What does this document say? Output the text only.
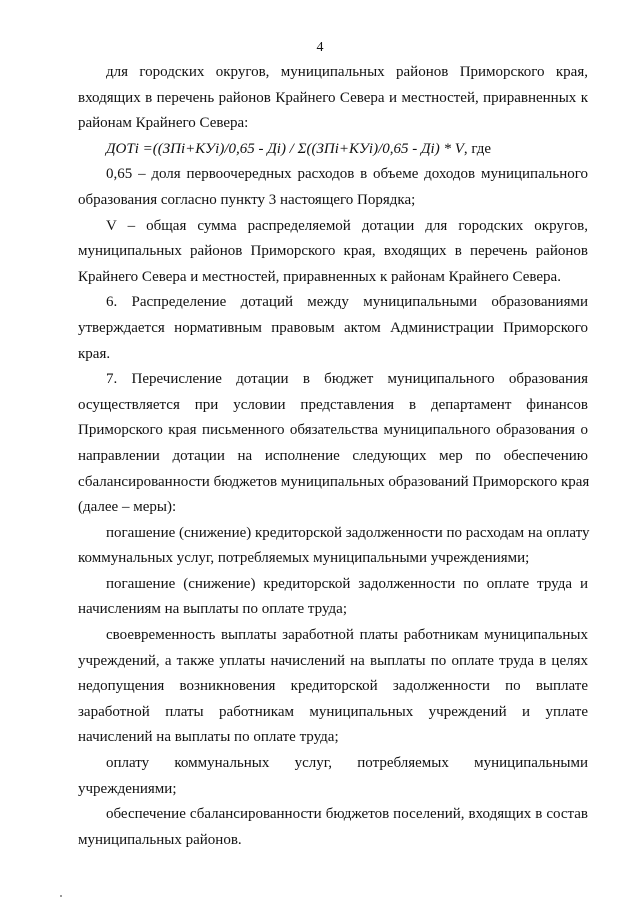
4

для городских округов, муниципальных районов Приморского края,
входящих в перечень районов Крайнего Севера и местностей, приравненных к
районам Крайнего Севера:

ДОТi =((ЗПi+КУi)/0,65 - Дi) / Σ((ЗПi+КУi)/0,65 - Дi) * V, где

0,65 – доля первоочередных расходов в объеме доходов муниципального
образования согласно пункту 3 настоящего Порядка;

V – общая сумма распределяемой дотации для городских округов,
муниципальных районов Приморского края, входящих в перечень районов
Крайнего Севера и местностей, приравненных к районам Крайнего Севера.

6. Распределение дотаций между муниципальными образованиями
утверждается нормативным правовым актом Администрации Приморского
края.

7. Перечисление дотации в бюджет муниципального образования
осуществляется при условии представления в департамент финансов
Приморского края письменного обязательства муниципального образования о
направлении дотации на исполнение следующих мер по обеспечению
сбалансированности бюджетов муниципальных образований Приморского края
(далее – меры):

погашение (снижение) кредиторской задолженности по расходам на оплату
коммунальных услуг, потребляемых муниципальными учреждениями;

погашение (снижение) кредиторской задолженности по оплате труда и
начислениям на выплаты по оплате труда;

своевременность выплаты заработной платы работникам муниципальных
учреждений, а также уплаты начислений на выплаты по оплате труда в целях
недопущения возникновения кредиторской задолженности по выплате
заработной платы работникам муниципальных учреждений и уплате
начислений на выплаты по оплате труда;

оплату коммунальных услуг, потребляемых муниципальными
учреждениями;

обеспечение сбалансированности бюджетов поселений, входящих в состав
муниципальных районов.
